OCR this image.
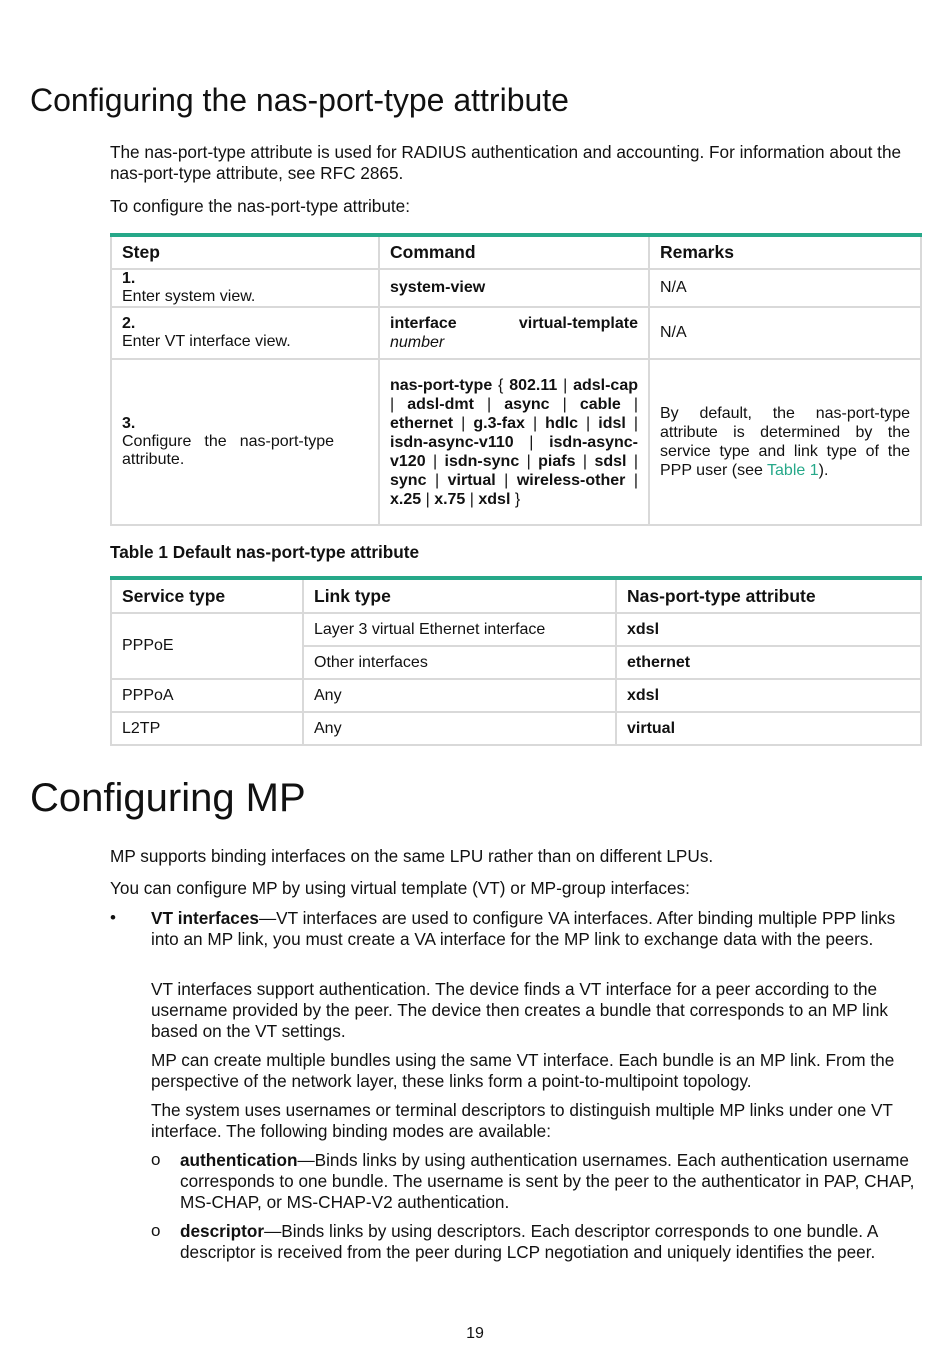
Configuring the nas-port-type attribute

The nas-port-type attribute is used for RADIUS authentication and accounting. For information about the nas-port-type attribute, see RFC 2865.

To configure the nas-port-type attribute:

Step	Command	Remarks
1.Enter system view.	system-view	N/A
2.Enter VT interface view.	interface virtual-template
number	N/A
3.Configure the nas-port-type attribute.	nas-port-type { 802.11 | adsl-cap | adsl-dmt | async | cable | ethernet | g.3-fax | hdlc | idsl | isdn-async-v110 | isdn-async-v120 | isdn-sync | piafs | sdsl | sync | virtual | wireless-other | x.25 | x.75 | xdsl }	By default, the nas-port-type attribute is determined by the service type and link type of the PPP user (see Table 1).
Table 1 Default nas-port-type attribute
Service type	Link type	Nas-port-type attribute
PPPoE	Layer 3 virtual Ethernet interface	xdsl
	Other interfaces	ethernet
PPPoA	Any	xdsl
L2TP	Any	virtual
Configuring MP

MP supports binding interfaces on the same LPU rather than on different LPUs.

You can configure MP by using virtual template (VT) or MP-group interfaces:

• VT interfaces—VT interfaces are used to configure VA interfaces. After binding multiple PPP links into an MP link, you must create a VA interface for the MP link to exchange data with the peers.

VT interfaces support authentication. The device finds a VT interface for a peer according to the username provided by the peer. The device then creates a bundle that corresponds to an MP link based on the VT settings.

MP can create multiple bundles using the same VT interface. Each bundle is an MP link. From the perspective of the network layer, these links form a point-to-multipoint topology.

The system uses usernames or terminal descriptors to distinguish multiple MP links under one VT interface. The following binding modes are available:

o authentication—Binds links by using authentication usernames. Each authentication username corresponds to one bundle. The username is sent by the peer to the authenticator in PAP, CHAP, MS-CHAP, or MS-CHAP-V2 authentication.

o descriptor—Binds links by using descriptors. Each descriptor corresponds to one bundle. A descriptor is received from the peer during LCP negotiation and uniquely identifies the peer.

19
